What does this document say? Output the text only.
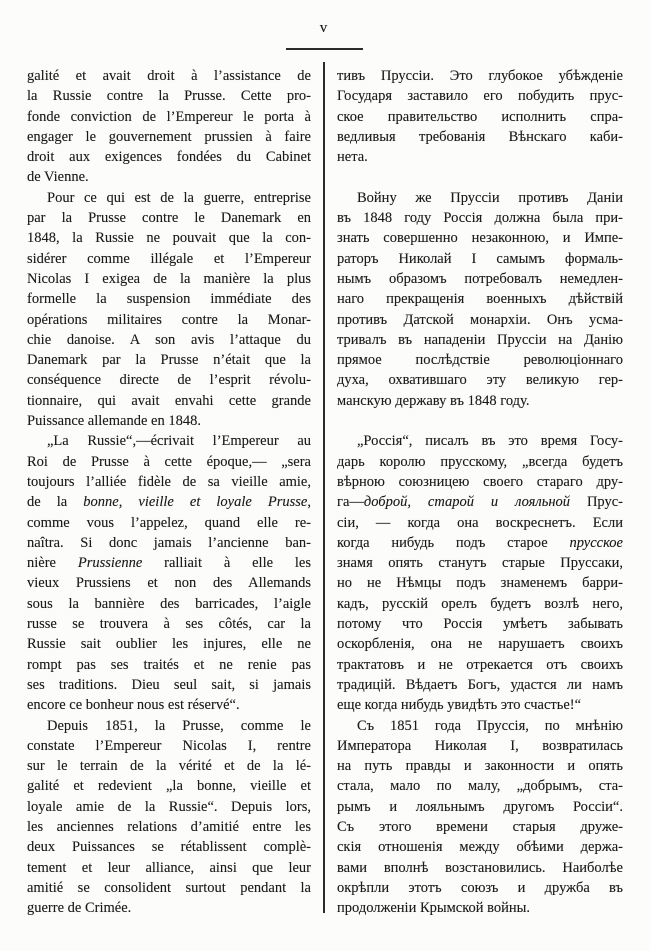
v
galité et avait droit à l’assistance de
la Russie contre la Prusse. Cette pro-
fonde conviction de l’Empereur le porta à
engager le gouvernement prussien à faire
droit aux exigences fondées du Cabinet
de Vienne.
тивъ Пруссіи. Это глубокое убѣжденіе
Государя заставило его побудить прус-
ское правительство исполнить спра-
ведливыя требованія Вѣнскаго каби-
нета.
Pour ce qui est de la guerre, entreprise
par la Prusse contre le Danemark en
1848, la Russie ne pouvait que la con-
sidérer comme illégale et l’Empereur
Nicolas I exigea de la manière la plus
formelle la suspension immédiate des
opérations militaires contre la Monar-
chie danoise. A son avis l’attaque du
Danemark par la Prusse n’était que la
conséquence directe de l’esprit révolu-
tionnaire, qui avait envahi cette grande
Puissance allemande en 1848.
Войну же Пруссіи противъ Даніи
въ 1848 году Россія должна была при-
знать совершенно незаконною, и Импе-
раторъ Николай I самымъ формаль-
нымъ образомъ потребовалъ немедлен-
наго прекращенія военныхъ дѣйствій
противъ Датской монархіи. Онъ усма-
тривалъ въ нападеніи Пруссіи на Данію
прямое послѣдствіе революціоннаго
духа, охватившаго эту великую гер-
манскую державу въ 1848 году.
„La Russie“,—écrivait l’Empereur au
Roi de Prusse à cette époque,— „sera
toujours l’alliée fidèle de sa vieille amie,
de la bonne, vieille et loyale Prusse,
comme vous l’appelez, quand elle re-
naîtra. Si donc jamais l’ancienne ban-
nière Prussienne ralliait à elle les
vieux Prussiens et non des Allemands
sous la bannière des barricades, l’aigle
russe se trouvera à ses côtés, car la
Russie sait oublier les injures, elle ne
rompt pas ses traités et ne renie pas
ses traditions. Dieu seul sait, si jamais
encore ce bonheur nous est réservé“.
„Россія“, писалъ въ это время Госу-
дарь королю прусскому, „всегда будетъ
вѣрною союзницею своего стараго дру-
га—доброй, старой и лояльной Прус-
сіи, — когда она воскреснетъ. Если
когда нибудь подъ старое прусское
знамя опять станутъ старые Пруссаки,
но не Нѣмцы подъ знаменемъ барри-
кадъ, русскій орелъ будетъ возлѣ него,
потому что Россія умѣетъ забывать
оскорбленія, она не нарушаетъ своихъ
трактатовъ и не отрекается отъ своихъ
традицій. Вѣдаетъ Богъ, удастся ли намъ
еще когда нибудь увидѣть это счастье!“
Depuis 1851, la Prusse, comme le
constate l’Empereur Nicolas I, rentre
sur le terrain de la vérité et de la lé-
galité et redevient „la bonne, vieille et
loyale amie de la Russie“. Depuis lors,
les anciennes relations d’amitié entre les
deux Puissances se rétablissent complè-
tement et leur alliance, ainsi que leur
amitié se consolident surtout pendant la
guerre de Crimée.
Съ 1851 года Пруссія, по мнѣнію
Императора Николая I, возвратилась
на путь правды и законности и опять
стала, мало по малу, „добрымъ, ста-
рымъ и лояльнымъ другомъ Россіи“.
Съ этого времени старыя друже-
скія отношенія между обѣими держа-
вами вполнѣ возстановились. Наиболѣе
окрѣпли этотъ союзъ и дружба въ
продолженіи Крымской войны.
